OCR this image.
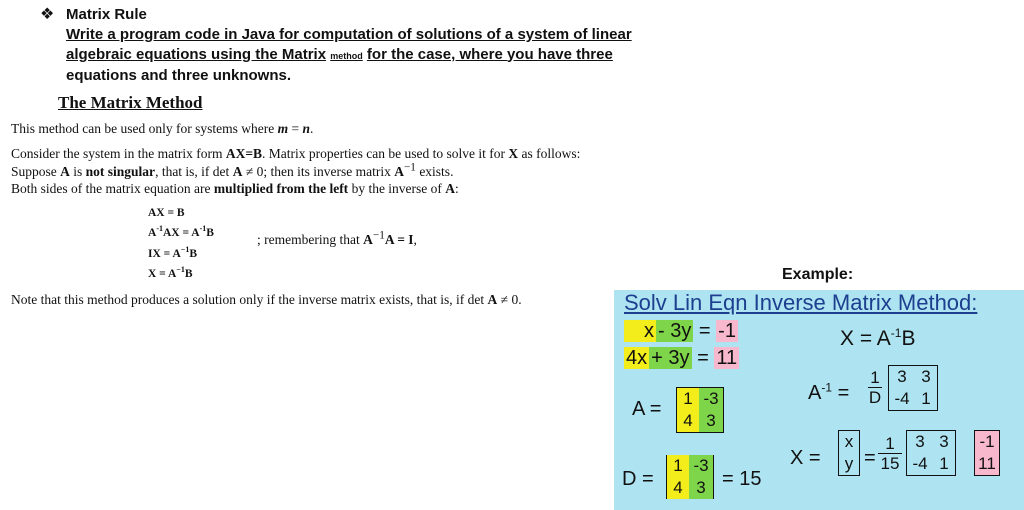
❖ Matrix Rule
Write a program code in Java for computation of solutions of a system of linear algebraic equations using the Matrix method for the case, where you have three
equations and three unknowns.
The Matrix Method
This method can be used only for systems where m = n.
Consider the system in the matrix form AX=B. Matrix properties can be used to solve it for X as follows:
Suppose A is not singular, that is, if det A ≠ 0; then its inverse matrix $A^{-1}$ exists.
Both sides of the matrix equation are multiplied from the left by the inverse of A:
AX = B
$A^{-1}AX = A^{-1}B$	; remembering that $A^{-1}A = I$,
IX = $A^{-1}B$
$X = A^{-1}B$
Note that this method produces a solution only if the inverse matrix exists, that is, if det A ≠ 0.
Example:
Solv Lin Eqn Inverse Matrix Method:
x - 3y = -1
4x + 3y = 11
$X = A^{-1}B$
A =	1 -3
4 3
$A^{-1}$ =
1
D
3 3
-4 1
D =
1 -3
4 3 = 15
X =
x
y =
1
15
3 3
-4 1
-1
11
